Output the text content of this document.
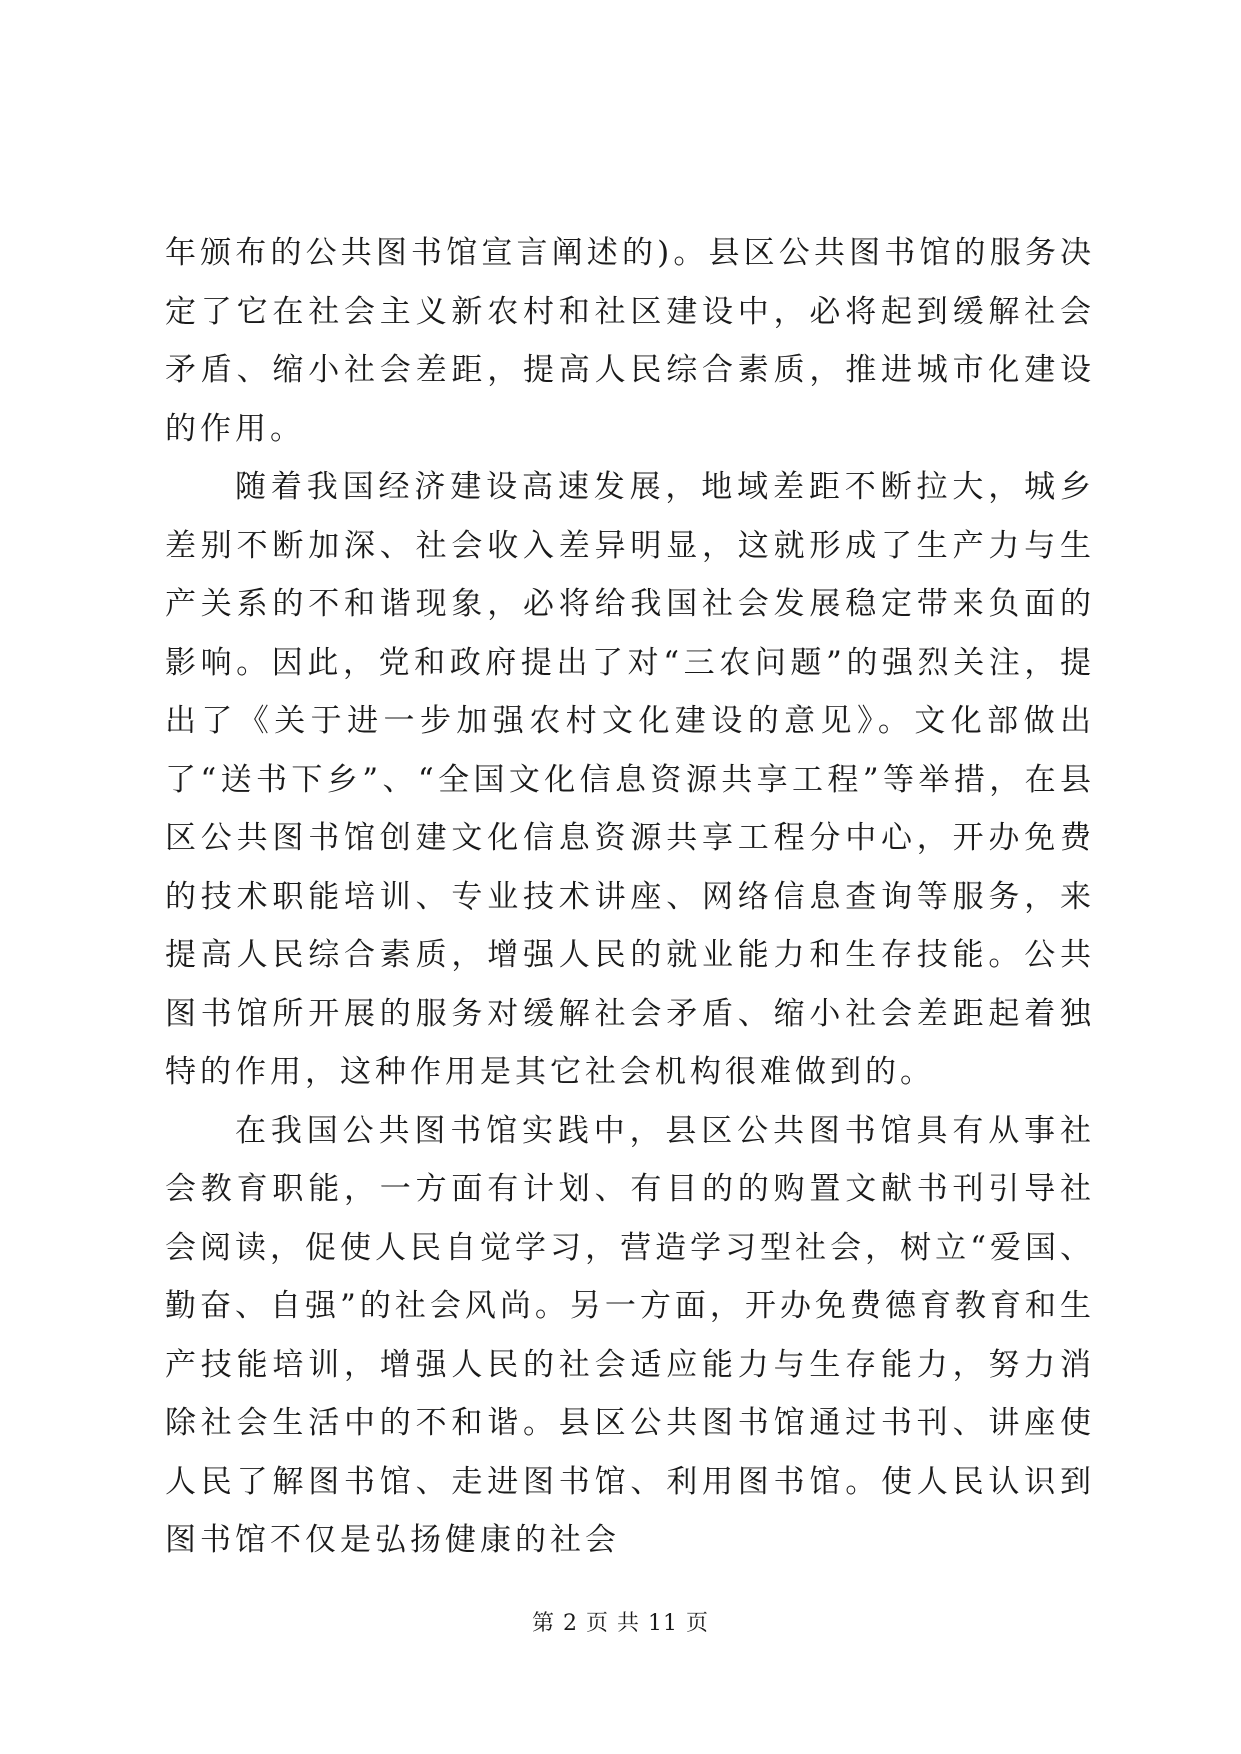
年颁布的公共图书馆宣言阐述的)。县区公共图书馆的服务决定了它在社会主义新农村和社区建设中，必将起到缓解社会矛盾、缩小社会差距，提高人民综合素质，推进城市化建设的作用。

随着我国经济建设高速发展，地域差距不断拉大，城乡差别不断加深、社会收入差异明显，这就形成了生产力与生产关系的不和谐现象，必将给我国社会发展稳定带来负面的影响。因此，党和政府提出了对“三农问题”的强烈关注，提出了《关于进一步加强农村文化建设的意见》。文化部做出了“送书下乡”、“全国文化信息资源共享工程”等举措，在县区公共图书馆创建文化信息资源共享工程分中心，开办免费的技术职能培训、专业技术讲座、网络信息查询等服务，来提高人民综合素质，增强人民的就业能力和生存技能。公共图书馆所开展的服务对缓解社会矛盾、缩小社会差距起着独特的作用，这种作用是其它社会机构很难做到的。

在我国公共图书馆实践中，县区公共图书馆具有从事社会教育职能，一方面有计划、有目的的购置文献书刊引导社会阅读，促使人民自觉学习，营造学习型社会，树立“爱国、勤奋、自强”的社会风尚。另一方面，开办免费德育教育和生产技能培训，增强人民的社会适应能力与生存能力，努力消除社会生活中的不和谐。县区公共图书馆通过书刊、讲座使人民了解图书馆、走进图书馆、利用图书馆。使人民认识到图书馆不仅是弘扬健康的社会

第 2 页 共 11 页
